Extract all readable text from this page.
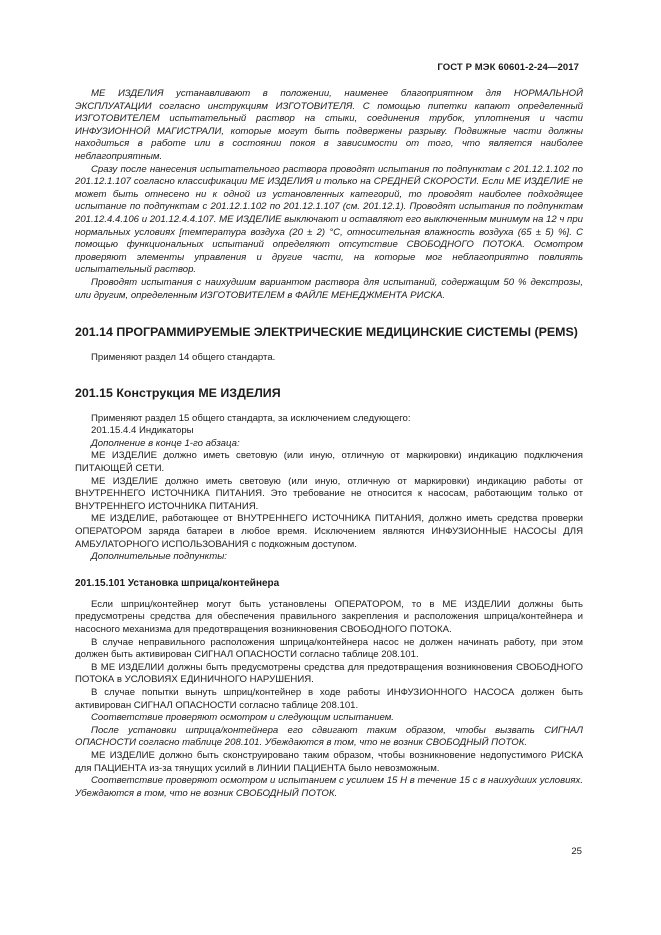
ГОСТ Р МЭК 60601-2-24—2017

МЕ ИЗДЕЛИЯ устанавливают в положении, наименее благоприятном для НОРМАЛЬНОЙ ЭКСПЛУАТАЦИИ согласно инструкциям ИЗГОТОВИТЕЛЯ. С помощью пипетки капают определенный ИЗГОТОВИТЕЛЕМ испытательный раствор на стыки, соединения трубок, уплотнения и части ИНФУЗИОННОЙ МАГИСТРАЛИ, которые могут быть подвержены разрыву. Подвижные части должны находиться в работе или в состоянии покоя в зависимости от того, что является наиболее неблагоприятным.

Сразу после нанесения испытательного раствора проводят испытания по подпунктам с 201.12.1.102 по 201.12.1.107 согласно классификации МЕ ИЗДЕЛИЯ и только на СРЕДНЕЙ СКОРОСТИ. Если МЕ ИЗДЕЛИЕ не может быть отнесено ни к одной из установленных категорий, то проводят наиболее подходящее испытание по подпунктам с 201.12.1.102 по 201.12.1.107 (см. 201.12.1). Проводят испытания по подпунктам 201.12.4.4.106 и 201.12.4.4.107. МЕ ИЗДЕЛИЕ выключают и оставляют его выключенным минимум на 12 ч при нормальных условиях [температура воздуха (20 ± 2) °С, относительная влажность воздуха (65 ± 5) %]. С помощью функциональных испытаний определяют отсутствие СВОБОДНОГО ПОТОКА. Осмотром проверяют элементы управления и другие части, на которые мог неблагоприятно повлиять испытательный раствор.

Проводят испытания с наихудшим вариантом раствора для испытаний, содержащим 50 % декстрозы, или другим, определенным ИЗГОТОВИТЕЛЕМ в ФАЙЛЕ МЕНЕДЖМЕНТА РИСКА.

201.14 ПРОГРАММИРУЕМЫЕ ЭЛЕКТРИЧЕСКИЕ МЕДИЦИНСКИЕ СИСТЕМЫ (PEMS)

Применяют раздел 14 общего стандарта.

201.15 Конструкция МЕ ИЗДЕЛИЯ

Применяют раздел 15 общего стандарта, за исключением следующего:

201.15.4.4 Индикаторы

Дополнение в конце 1-го абзаца:

МЕ ИЗДЕЛИЕ должно иметь световую (или иную, отличную от маркировки) индикацию подключения ПИТАЮЩЕЙ СЕТИ.

МЕ ИЗДЕЛИЕ должно иметь световую (или иную, отличную от маркировки) индикацию работы от ВНУТРЕННЕГО ИСТОЧНИКА ПИТАНИЯ. Это требование не относится к насосам, работающим только от ВНУТРЕННЕГО ИСТОЧНИКА ПИТАНИЯ.

МЕ ИЗДЕЛИЕ, работающее от ВНУТРЕННЕГО ИСТОЧНИКА ПИТАНИЯ, должно иметь средства проверки ОПЕРАТОРОМ заряда батареи в любое время. Исключением являются ИНФУЗИОННЫЕ НАСОСЫ ДЛЯ АМБУЛАТОРНОГО ИСПОЛЬЗОВАНИЯ с подкожным доступом.

Дополнительные подпункты:

201.15.101 Установка шприца/контейнера

Если шприц/контейнер могут быть установлены ОПЕРАТОРОМ, то в МЕ ИЗДЕЛИИ должны быть предусмотрены средства для обеспечения правильного закрепления и расположения шприца/контейнера и насосного механизма для предотвращения возникновения СВОБОДНОГО ПОТОКА.

В случае неправильного расположения шприца/контейнера насос не должен начинать работу, при этом должен быть активирован СИГНАЛ ОПАСНОСТИ согласно таблице 208.101.

В МЕ ИЗДЕЛИИ должны быть предусмотрены средства для предотвращения возникновения СВОБОДНОГО ПОТОКА в УСЛОВИЯХ ЕДИНИЧНОГО НАРУШЕНИЯ.

В случае попытки вынуть шприц/контейнер в ходе работы ИНФУЗИОННОГО НАСОСА должен быть активирован СИГНАЛ ОПАСНОСТИ согласно таблице 208.101.

Соответствие проверяют осмотром и следующим испытанием.

После установки шприца/контейнера его сдвигают таким образом, чтобы вызвать СИГНАЛ ОПАСНОСТИ согласно таблице 208.101. Убеждаются в том, что не возник СВОБОДНЫЙ ПОТОК.

МЕ ИЗДЕЛИЕ должно быть сконструировано таким образом, чтобы возникновение недопустимого РИСКА для ПАЦИЕНТА из-за тянущих усилий в ЛИНИИ ПАЦИЕНТА было невозможным.

Соответствие проверяют осмотром и испытанием с усилием 15 Н в течение 15 с в наихудших условиях. Убеждаются в том, что не возник СВОБОДНЫЙ ПОТОК.

25
